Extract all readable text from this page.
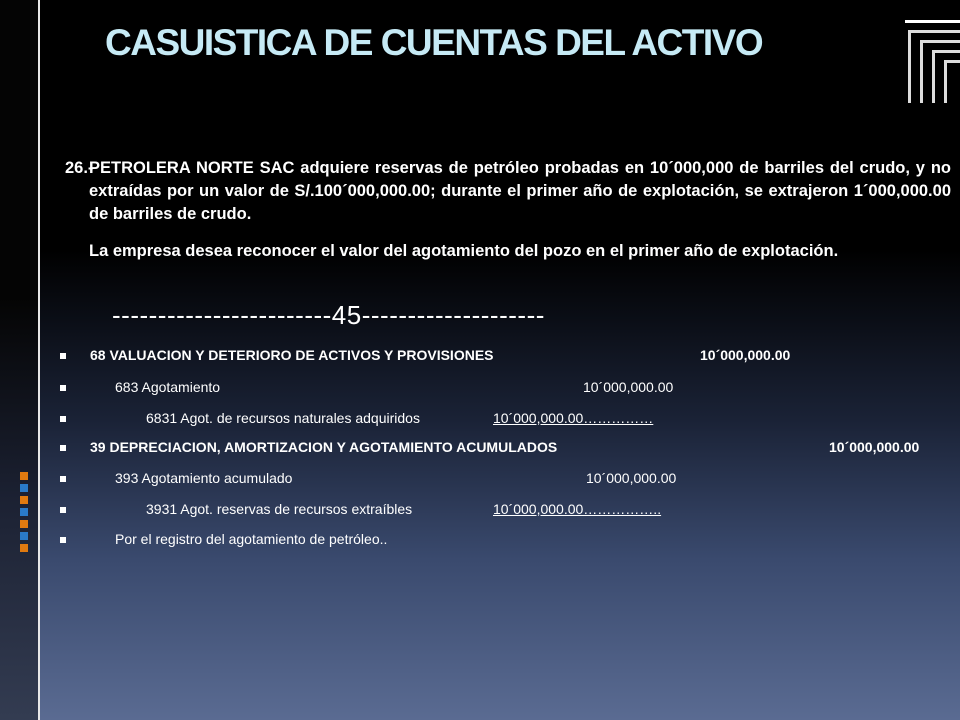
CASUISTICA DE CUENTAS DEL ACTIVO
26.-
PETROLERA NORTE SAC adquiere reservas de petróleo probadas en 10´000,000 de barriles del crudo, y no extraídas por un valor de S/.100´000,000.00; durante el primer año de explotación, se extrajeron 1´000,000.00 de barriles de crudo.
La empresa desea reconocer el valor del agotamiento del pozo en el primer año de explotación.
------------------------45--------------------
68 VALUACION Y DETERIORO DE ACTIVOS Y PROVISIONES	10´000,000.00
683 Agotamiento	10´000,000.00
6831 Agot. de recursos naturales adquiridos	10´000,000.00……………
39 DEPRECIACION, AMORTIZACION Y AGOTAMIENTO ACUMULADOS	10´000,000.00
393 Agotamiento acumulado	10´000,000.00
3931 Agot. reservas de recursos extraíbles	10´000,000.00……………..
Por el registro del agotamiento de petróleo..
